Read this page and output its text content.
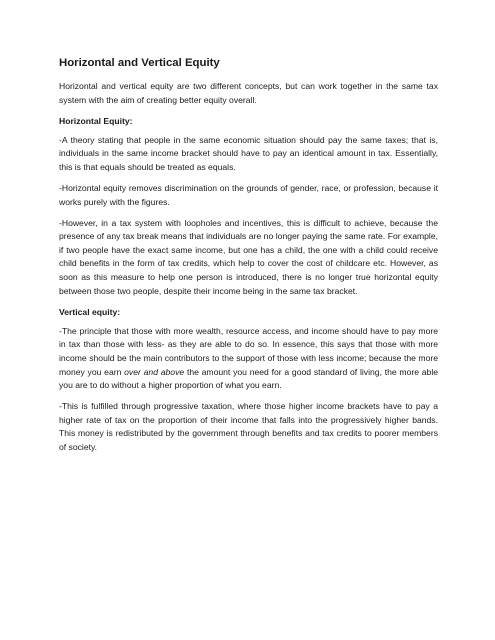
Horizontal and Vertical Equity

Horizontal and vertical equity are two different concepts, but can work together in the same tax system with the aim of creating better equity overall.

Horizontal Equity:

-A theory stating that people in the same economic situation should pay the same taxes; that is, individuals in the same income bracket should have to pay an identical amount in tax. Essentially, this is that equals should be treated as equals.

-Horizontal equity removes discrimination on the grounds of gender, race, or profession, because it works purely with the figures.

-However, in a tax system with loopholes and incentives, this is difficult to achieve, because the presence of any tax break means that individuals are no longer paying the same rate. For example, if two people have the exact same income, but one has a child, the one with a child could receive child benefits in the form of tax credits, which help to cover the cost of childcare etc. However, as soon as this measure to help one person is introduced, there is no longer true horizontal equity between those two people, despite their income being in the same tax bracket.

Vertical equity:

-The principle that those with more wealth, resource access, and income should have to pay more in tax than those with less- as they are able to do so. In essence, this says that those with more income should be the main contributors to the support of those with less income; because the more money you earn over and above the amount you need for a good standard of living, the more able you are to do without a higher proportion of what you earn.

-This is fulfilled through progressive taxation, where those higher income brackets have to pay a higher rate of tax on the proportion of their income that falls into the progressively higher bands. This money is redistributed by the government through benefits and tax credits to poorer members of society.
